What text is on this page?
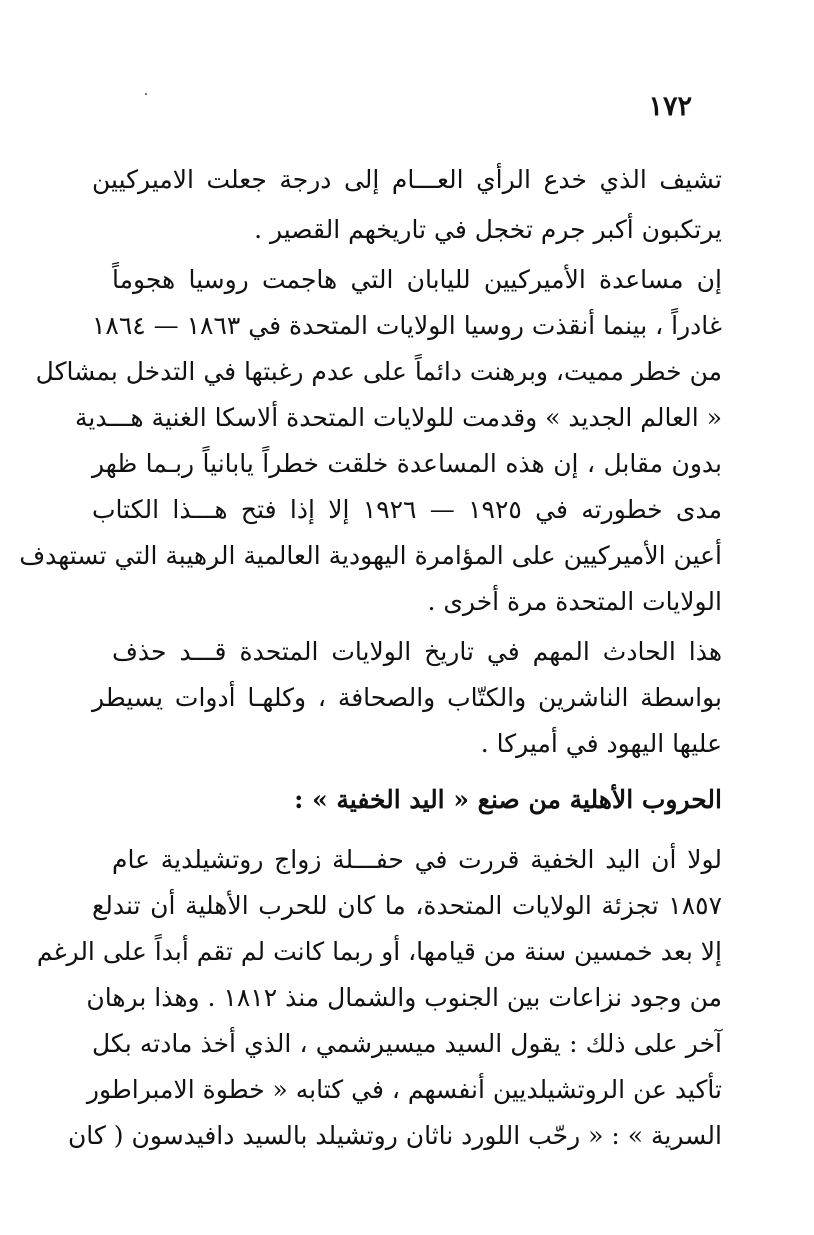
١٧٢
تشيف الذي خدع الرأي العـــام إلى درجة جعلت الاميركيين
يرتكبون أكبر جرم تخجل في تاريخهم القصير .
إن مساعدة الأميركيين لليابان التي هاجمت روسيا هجوماً
غادراً ، بينما أنقذت روسيا الولايات المتحدة في ١٨٦٣ — ١٨٦٤
من خطر مميت، وبرهنت دائماً على عدم رغبتها في التدخل بمشاكل
« العالم الجديد » وقدمت للولايات المتحدة ألاسكا الغنية هـــدية
بدون مقابل ، إن هذه المساعدة خلقت خطراً يابانياً ربـما ظهر
مدى خطورته في ١٩٢٥ — ١٩٢٦ إلا إذا فتح هـــذا الكتاب
أعين الأميركيين على المؤامرة اليهودية العالمية الرهيبة التي تستهدف
الولايات المتحدة مرة أخرى .
هذا الحادث المهم في تاريخ الولايات المتحدة قـــد حذف
بواسطة الناشرين والكتّاب والصحافة ، وكلهـا أدوات يسيطر
عليها اليهود في أميركا .
الحروب الأهلية من صنع « اليد الخفية » :
لولا أن اليد الخفية قررت في حفـــلة زواج روتشيلدية عام
١٨٥٧ تجزئة الولايات المتحدة، ما كان للحرب الأهلية أن تندلع
إلا بعد خمسين سنة من قيامها، أو ربما كانت لم تقم أبداً على الرغم
من وجود نزاعات بين الجنوب والشمال منذ ١٨١٢ . وهذا برهان
آخر على ذلك : يقول السيد ميسيرشمي ، الذي أخذ مادته بكل
تأكيد عن الروتشيلديين أنفسهم ، في كتابه « خطوة الامبراطور
السرية » : « رحّب اللورد ناثان روتشيلد بالسيد دافيدسون ( كان
